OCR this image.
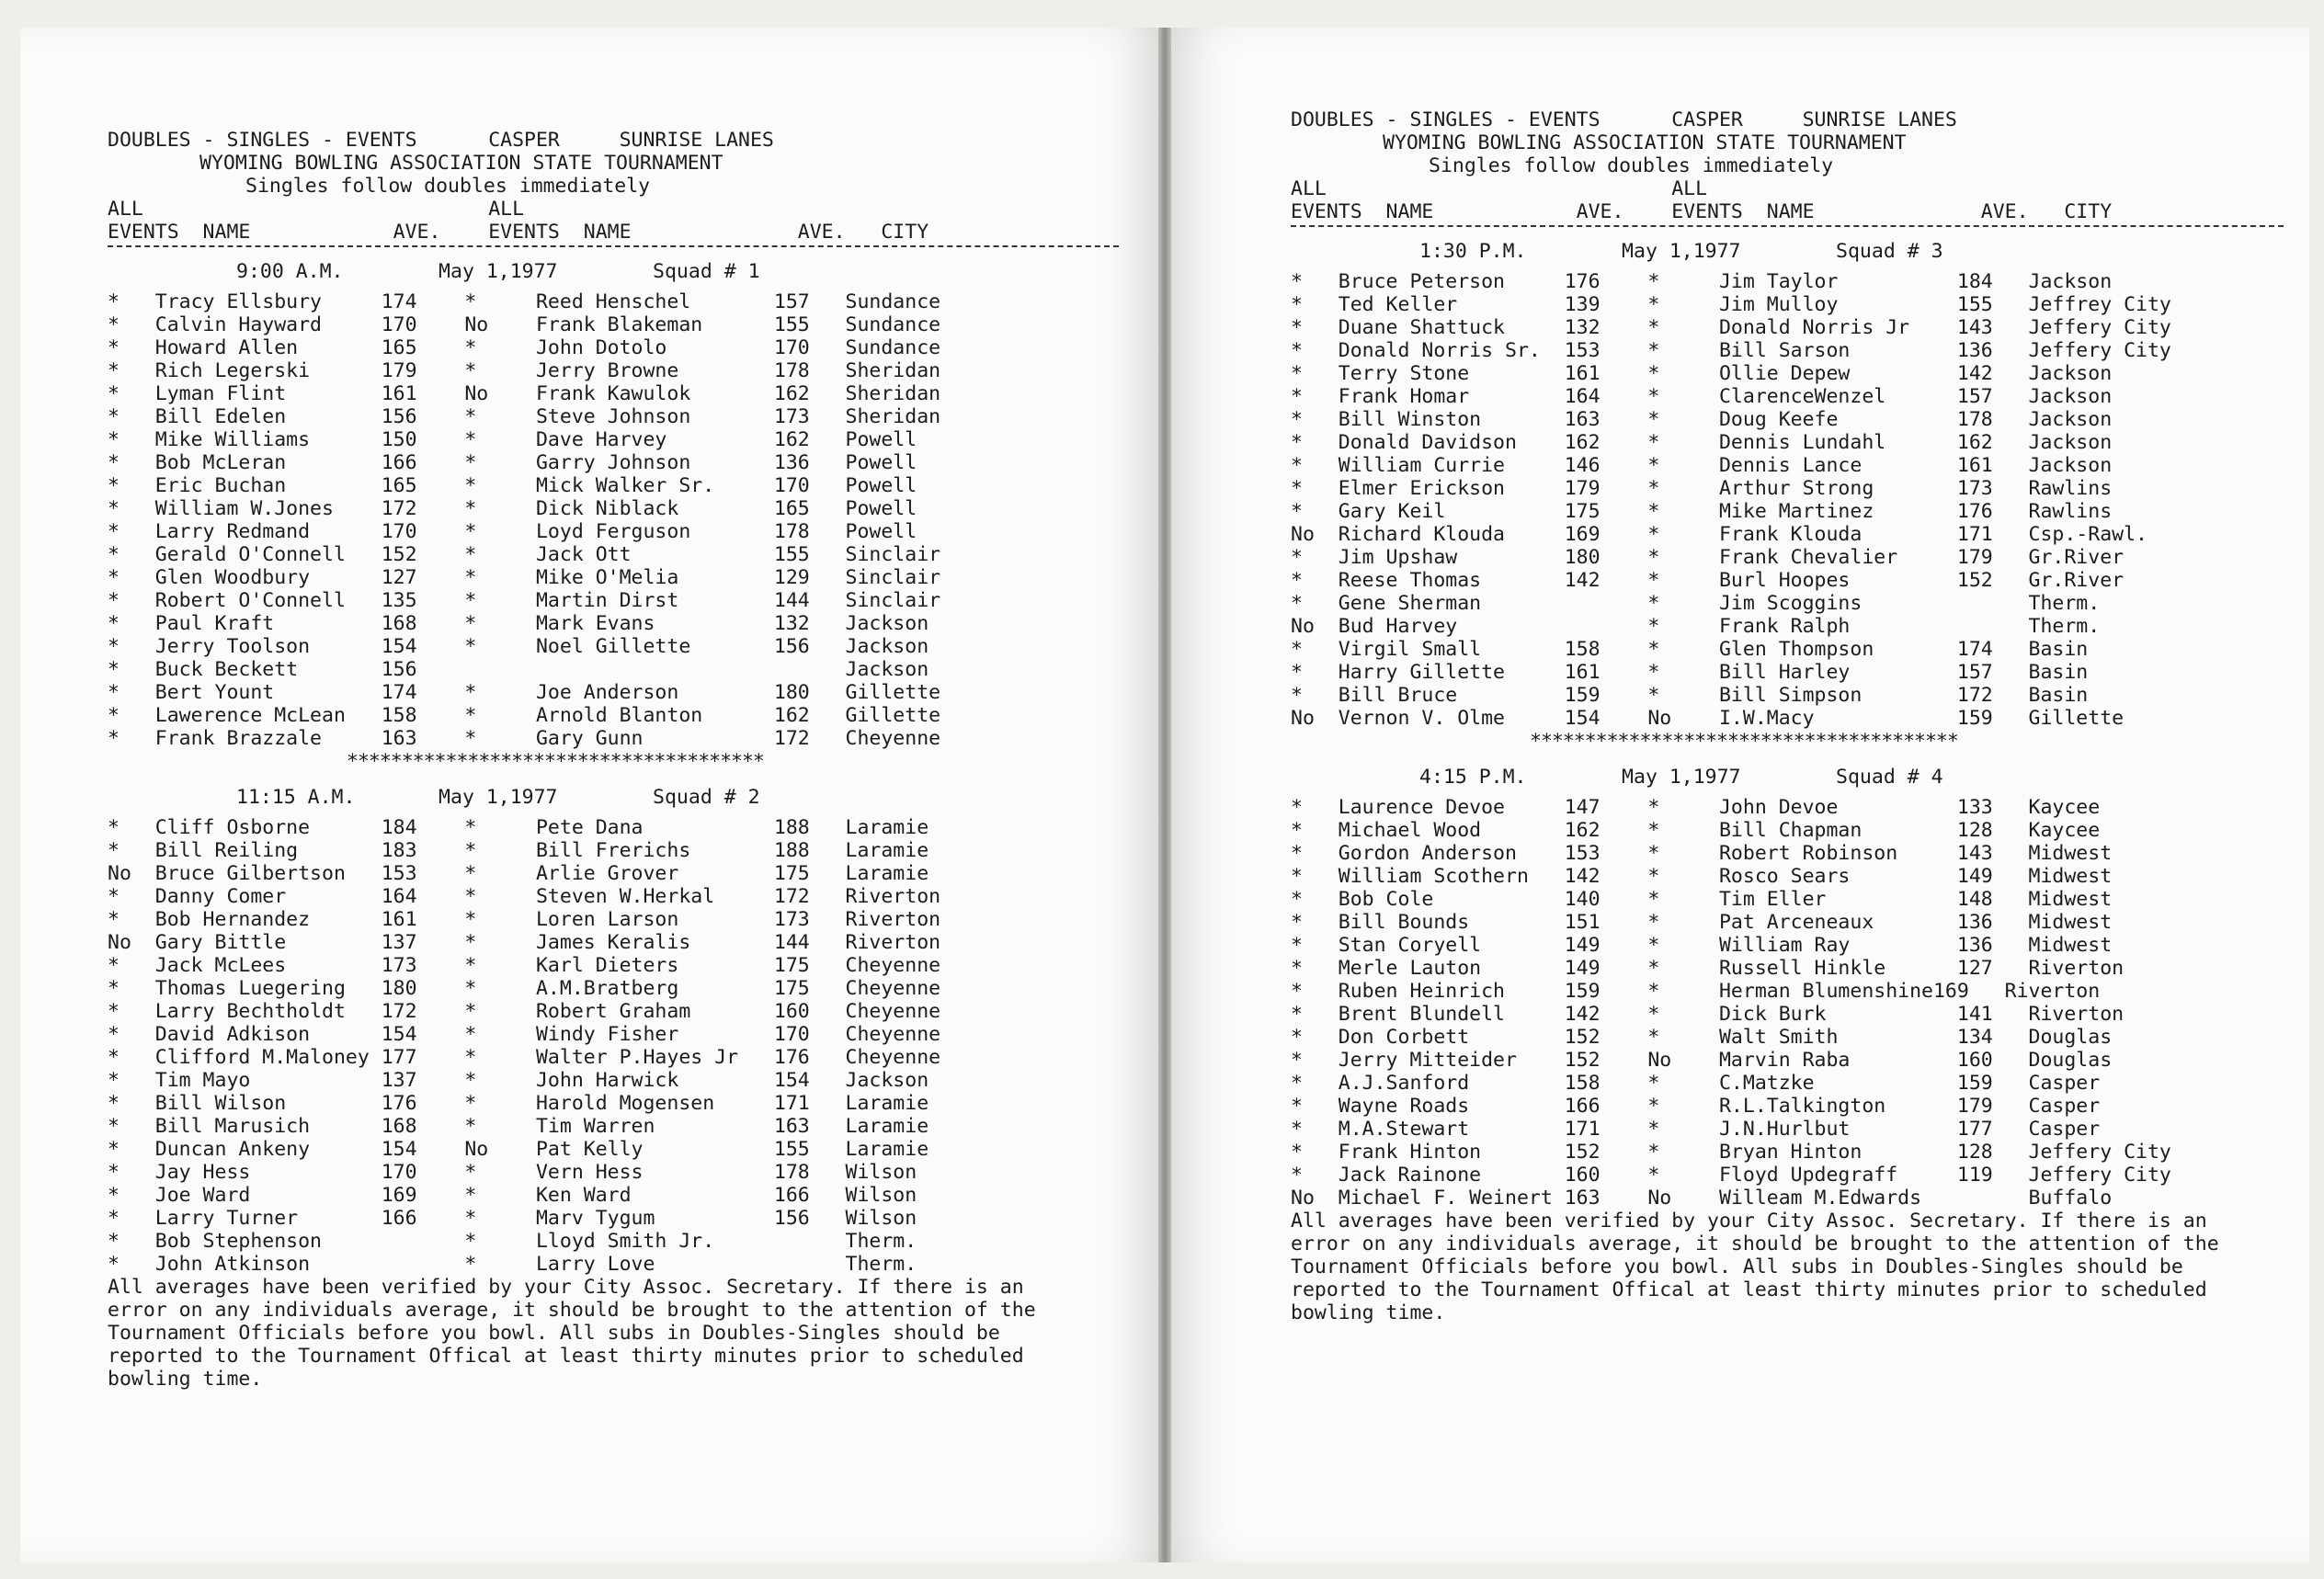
DOUBLES - SINGLES - EVENTS      CASPER     SUNRISE LANES
WYOMING BOWLING ASSOCIATION STATE TOURNAMENT
Singles follow doubles immediately
ALL                             ALL
EVENTS  NAME            AVE.    EVENTS  NAME              AVE.   CITY
9:00 A.M.        May 1,1977        Squad # 1
*   Tracy Ellsbury     174    *     Reed Henschel       157   Sundance
*   Calvin Hayward     170    No    Frank Blakeman      155   Sundance
*   Howard Allen       165    *     John Dotolo         170   Sundance
*   Rich Legerski      179    *     Jerry Browne        178   Sheridan
*   Lyman Flint        161    No    Frank Kawulok       162   Sheridan
*   Bill Edelen        156    *     Steve Johnson       173   Sheridan
*   Mike Williams      150    *     Dave Harvey         162   Powell
*   Bob McLeran        166    *     Garry Johnson       136   Powell
*   Eric Buchan        165    *     Mick Walker Sr.     170   Powell
*   William W.Jones    172    *     Dick Niblack        165   Powell
*   Larry Redmand      170    *     Loyd Ferguson       178   Powell
*   Gerald O'Connell   152    *     Jack Ott            155   Sinclair
*   Glen Woodbury      127    *     Mike O'Melia        129   Sinclair
*   Robert O'Connell   135    *     Martin Dirst        144   Sinclair
*   Paul Kraft         168    *     Mark Evans          132   Jackson
*   Jerry Toolson      154    *     Noel Gillette       156   Jackson
*   Buck Beckett       156                                    Jackson
*   Bert Yount         174    *     Joe Anderson        180   Gillette
*   Lawerence McLean   158    *     Arnold Blanton      162   Gillette
*   Frank Brazzale     163    *     Gary Gunn           172   Cheyenne
**************************************
11:15 A.M.       May 1,1977        Squad # 2
*   Cliff Osborne      184    *     Pete Dana           188   Laramie
*   Bill Reiling       183    *     Bill Frerichs       188   Laramie
No  Bruce Gilbertson   153    *     Arlie Grover        175   Laramie
*   Danny Comer        164    *     Steven W.Herkal     172   Riverton
*   Bob Hernandez      161    *     Loren Larson        173   Riverton
No  Gary Bittle        137    *     James Keralis       144   Riverton
*   Jack McLees        173    *     Karl Dieters        175   Cheyenne
*   Thomas Luegering   180    *     A.M.Bratberg        175   Cheyenne
*   Larry Bechtholdt   172    *     Robert Graham       160   Cheyenne
*   David Adkison      154    *     Windy Fisher        170   Cheyenne
*   Clifford M.Maloney 177    *     Walter P.Hayes Jr   176   Cheyenne
*   Tim Mayo           137    *     John Harwick        154   Jackson
*   Bill Wilson        176    *     Harold Mogensen     171   Laramie
*   Bill Marusich      168    *     Tim Warren          163   Laramie
*   Duncan Ankeny      154    No    Pat Kelly           155   Laramie
*   Jay Hess           170    *     Vern Hess           178   Wilson
*   Joe Ward           169    *     Ken Ward            166   Wilson
*   Larry Turner       166    *     Marv Tygum          156   Wilson
*   Bob Stephenson            *     Lloyd Smith Jr.           Therm.
*   John Atkinson             *     Larry Love                Therm.
All averages have been verified by your City Assoc. Secretary. If there is an error on any individuals average, it should be brought to the attention of the Tournament Officials before you bowl. All subs in Doubles-Singles should be reported to the Tournament Offical at least thirty minutes prior to scheduled bowling time.
DOUBLES - SINGLES - EVENTS      CASPER     SUNRISE LANES
WYOMING BOWLING ASSOCIATION STATE TOURNAMENT
Singles follow doubles immediately
ALL                             ALL
EVENTS  NAME            AVE.    EVENTS  NAME              AVE.   CITY
1:30 P.M.        May 1,1977        Squad # 3
*   Bruce Peterson     176    *     Jim Taylor          184   Jackson
*   Ted Keller         139    *     Jim Mulloy          155   Jeffrey City
*   Duane Shattuck     132    *     Donald Norris Jr    143   Jeffery City
*   Donald Norris Sr.  153    *     Bill Sarson         136   Jeffery City
*   Terry Stone        161    *     Ollie Depew         142   Jackson
*   Frank Homar        164    *     ClarenceWenzel      157   Jackson
*   Bill Winston       163    *     Doug Keefe          178   Jackson
*   Donald Davidson    162    *     Dennis Lundahl      162   Jackson
*   William Currie     146    *     Dennis Lance        161   Jackson
*   Elmer Erickson     179    *     Arthur Strong       173   Rawlins
*   Gary Keil          175    *     Mike Martinez       176   Rawlins
No  Richard Klouda     169    *     Frank Klouda        171   Csp.-Rawl.
*   Jim Upshaw         180    *     Frank Chevalier     179   Gr.River
*   Reese Thomas       142    *     Burl Hoopes         152   Gr.River
*   Gene Sherman              *     Jim Scoggins              Therm.
No  Bud Harvey                *     Frank Ralph               Therm.
*   Virgil Small       158    *     Glen Thompson       174   Basin
*   Harry Gillette     161    *     Bill Harley         157   Basin
*   Bill Bruce         159    *     Bill Simpson        172   Basin
No  Vernon V. Olme     154    No    I.W.Macy            159   Gillette
***************************************
4:15 P.M.        May 1,1977        Squad # 4
*   Laurence Devoe     147    *     John Devoe          133   Kaycee
*   Michael Wood       162    *     Bill Chapman        128   Kaycee
*   Gordon Anderson    153    *     Robert Robinson     143   Midwest
*   William Scothern   142    *     Rosco Sears         149   Midwest
*   Bob Cole           140    *     Tim Eller           148   Midwest
*   Bill Bounds        151    *     Pat Arceneaux       136   Midwest
*   Stan Coryell       149    *     William Ray         136   Midwest
*   Merle Lauton       149    *     Russell Hinkle      127   Riverton
*   Ruben Heinrich     159    *     Herman Blumenshine169   Riverton
*   Brent Blundell     142    *     Dick Burk           141   Riverton
*   Don Corbett        152    *     Walt Smith          134   Douglas
*   Jerry Mitteider    152    No    Marvin Raba         160   Douglas
*   A.J.Sanford        158    *     C.Matzke            159   Casper
*   Wayne Roads        166    *     R.L.Talkington      179   Casper
*   M.A.Stewart        171    *     J.N.Hurlbut         177   Casper
*   Frank Hinton       152    *     Bryan Hinton        128   Jeffery City
*   Jack Rainone       160    *     Floyd Updegraff     119   Jeffery City
No  Michael F. Weinert 163    No    Willeam M.Edwards         Buffalo
All averages have been verified by your City Assoc. Secretary. If there is an error on any individuals average, it should be brought to the attention of the Tournament Officials before you bowl. All subs in Doubles-Singles should be reported to the Tournament Offical at least thirty minutes prior to scheduled bowling time.
